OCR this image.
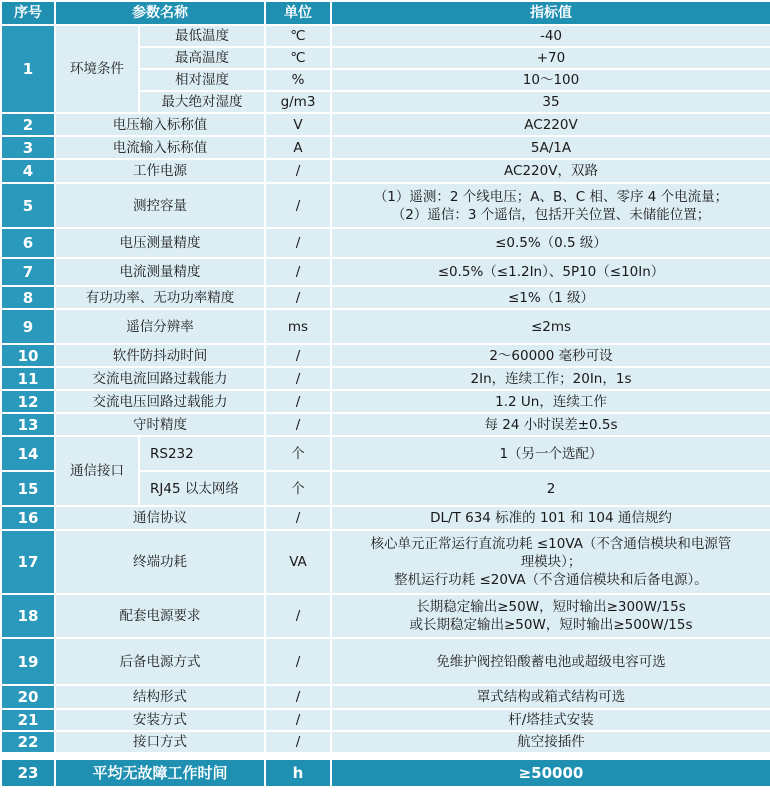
序号	参数名称		单位	指标值
1	环境条件	最低温度	℃	-40
		最高温度	℃	+70
		相对湿度	%	10～100
		最大绝对湿度	g/m3	35
2	电压输入标称值		V	AC220V
3	电流输入标称值		A	5A/1A
4	工作电源		/	AC220V，双路
5	测控容量		/	（1）遥测：2 个线电压；A、B、C 相、零序 4 个电流量；
（2）遥信：3 个遥信，包括开关位置、未储能位置；

6	电压测量精度		/	≤0.5%（0.5 级）
7	电流测量精度		/	≤0.5%（≤1.2In）、5P10（≤10In）
8	有功功率、无功功率精度		/	≤1%（1 级）
9	遥信分辨率		ms	≤2ms
10	软件防抖动时间		/	2～60000 毫秒可设
11	交流电流回路过载能力		/	2In，连续工作；20In，1s
12	交流电压回路过载能力		/	1.2 Un，连续工作
13	守时精度		/	每 24 小时误差±0.5s
14	通信接口	RS232	个	1（另一个选配）
15		RJ45 以太网络	个	2
16	通信协议		/	DL/T 634 标准的 101 和 104 通信规约
17	终端功耗		VA	核心单元正常运行直流功耗 ≤10VA（不含通信模块和电源管
理模块）；
整机运行功耗 ≤20VA（不含通信模块和后备电源）。

18	配套电源要求		/	长期稳定输出≥50W，短时输出≥300W/15s
或长期稳定输出≥50W，短时输出≥500W/15s

19	后备电源方式		/	免维护阀控铅酸蓄电池或超级电容可选
20	结构形式		/	罩式结构或箱式结构可选
21	安装方式		/	杆/塔挂式安装
22	接口方式		/	航空接插件

23	平均无故障工作时间		h	≥50000
